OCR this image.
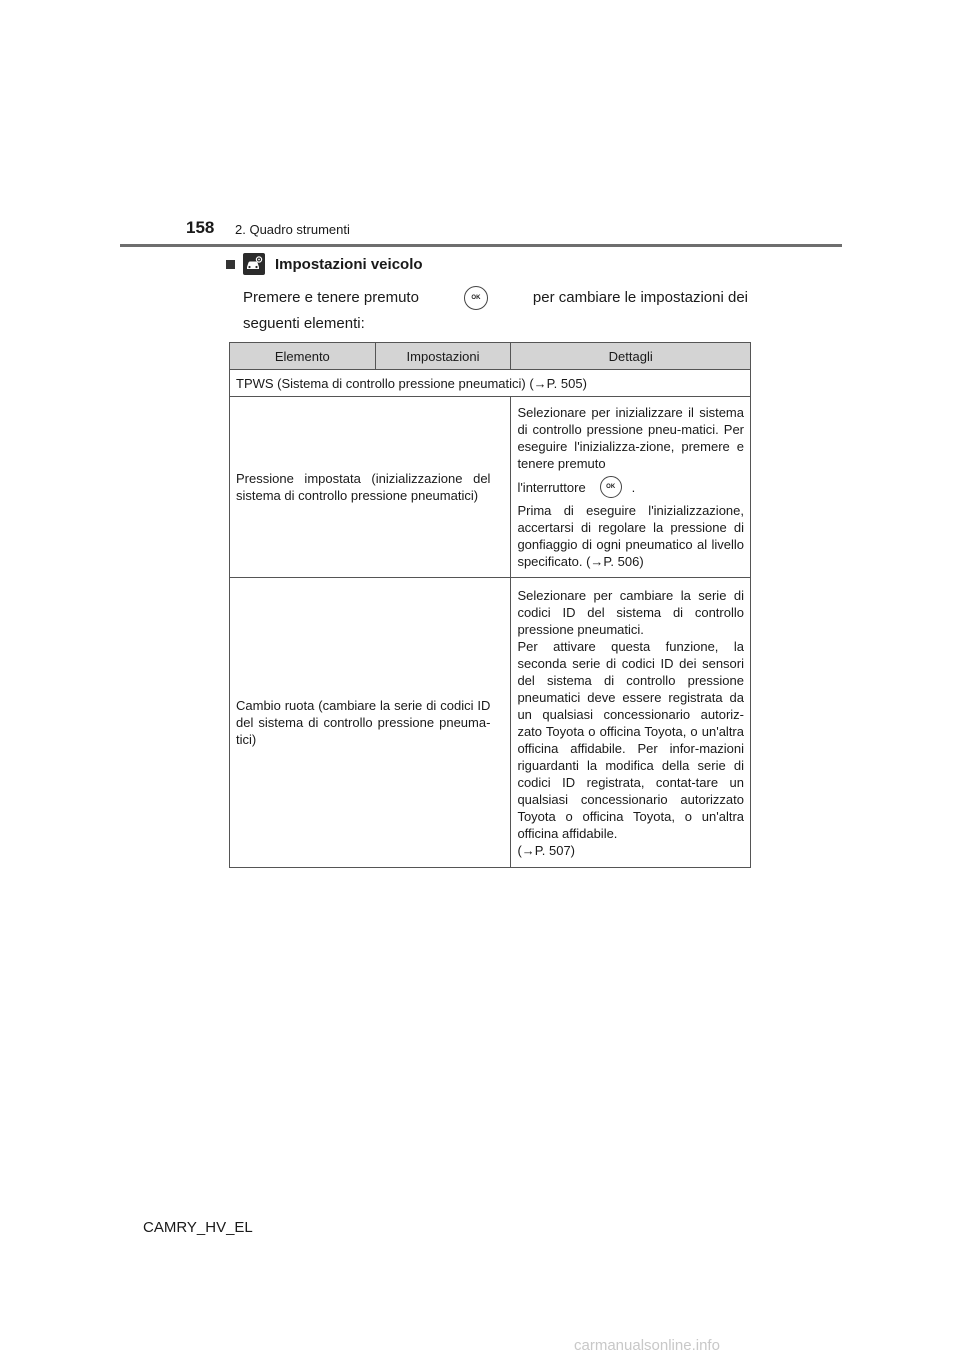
158 2. Quadro strumenti
Impostazioni veicolo
Premere e tenere premuto	OK	per cambiare le impostazioni dei
seguenti elementi:
Elemento	Impostazioni	Dettagli
TPWS (Sistema di controllo pressione pneumatici) (→P. 505)		
Pressione impostata (inizializzazione del sistema di controllo pressione pneumatici)		Selezionare per inizializzare il sistema di controllo pressione pneu-matici. Per eseguire l'inizializza-zione, premere e tenere premuto
l'interruttore OK .
Prima di eseguire l'inizializzazione, accertarsi di regolare la pressione di gonfiaggio di ogni pneumatico al livello specificato. (→P. 506)

Cambio ruota (cambiare la serie di codici ID del sistema di controllo pressione pneuma-tici)		Selezionare per cambiare la serie di codici ID del sistema di controllo pressione pneumatici.
Per attivare questa funzione, la seconda serie di codici ID dei sensori del sistema di controllo pressione pneumatici deve essere registrata da un qualsiasi concessionario autoriz-zato Toyota o officina Toyota, o un'altra officina affidabile. Per infor-mazioni riguardanti la modifica della serie di codici ID registrata, contat-tare un qualsiasi concessionario autorizzato Toyota o officina Toyota, o un'altra officina affidabile.
(→P. 507)
CAMRY_HV_EL
carmanualsonline.info
